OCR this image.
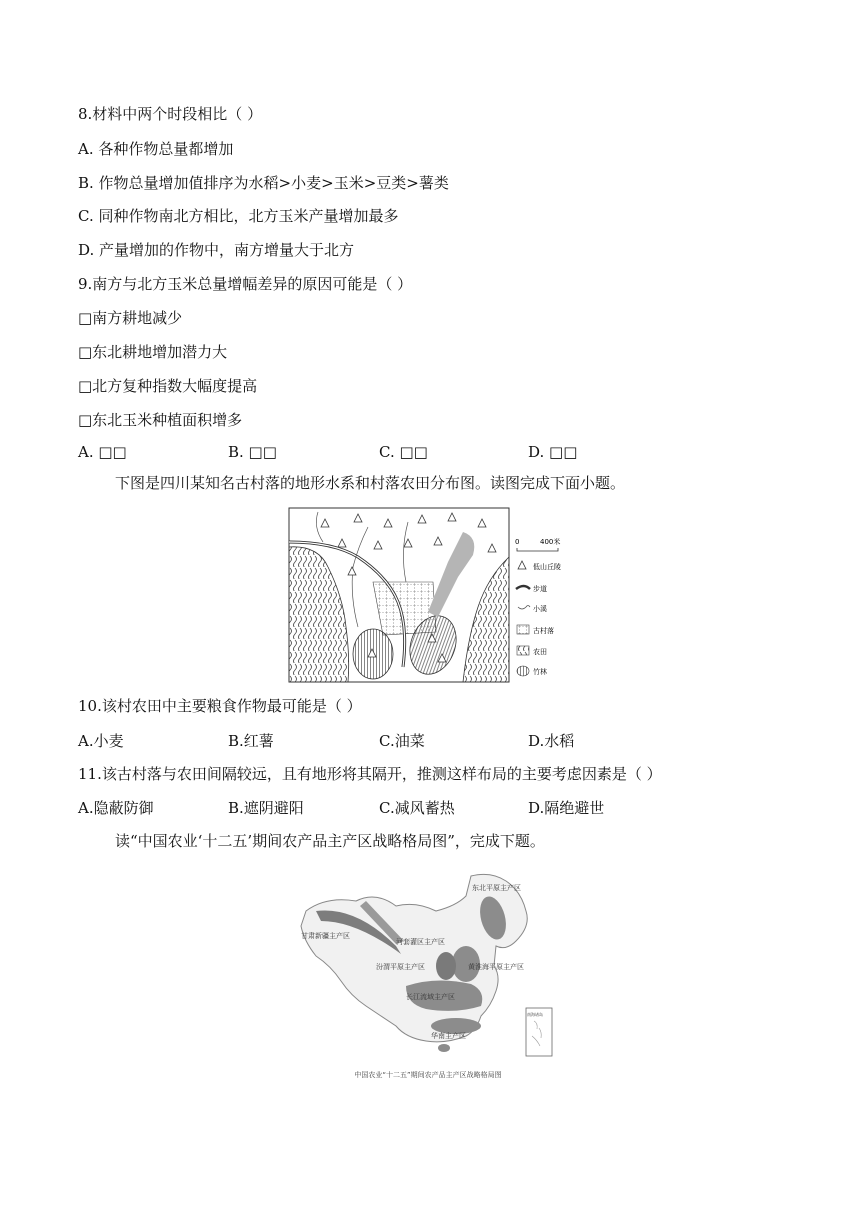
8.材料中两个时段相比（ ）
A. 各种作物总量都增加
B. 作物总量增加值排序为水稻>小麦>玉米>豆类>薯类
C. 同种作物南北方相比，北方玉米产量增加最多
D. 产量增加的作物中，南方增量大于北方
9.南方与北方玉米总量增幅差异的原因可能是（ ）
□南方耕地减少
□东北耕地增加潜力大
□北方复种指数大幅度提高
□东北玉米种植面积增多
A. □□	B. □□	C. □□	D. □□
下图是四川某知名古村落的地形水系和村落农田分布图。读图完成下面小题。
0	400米
低山丘陵
步道
小溪
古村落
农田
竹林
10.该村农田中主要粮食作物最可能是（ ）
A.小麦	B.红薯	C.油菜	D.水稻
11.该古村落与农田间隔较远，且有地形将其隔开，推测这样布局的主要考虑因素是（ ）
A.隐蔽防御	B.遮阴避阳	C.减风蓄热	D.隔绝避世
读“中国农业‘十二五’期间农产品主产区战略格局图”，完成下题。
东北平原主产区
甘肃新疆主产区
河套灌区主产区
汾渭平原主产区	黄淮海平原主产区
长江流域主产区
华南主产区
南海诸岛
中国农业“十二五”期间农产品主产区战略格局图
